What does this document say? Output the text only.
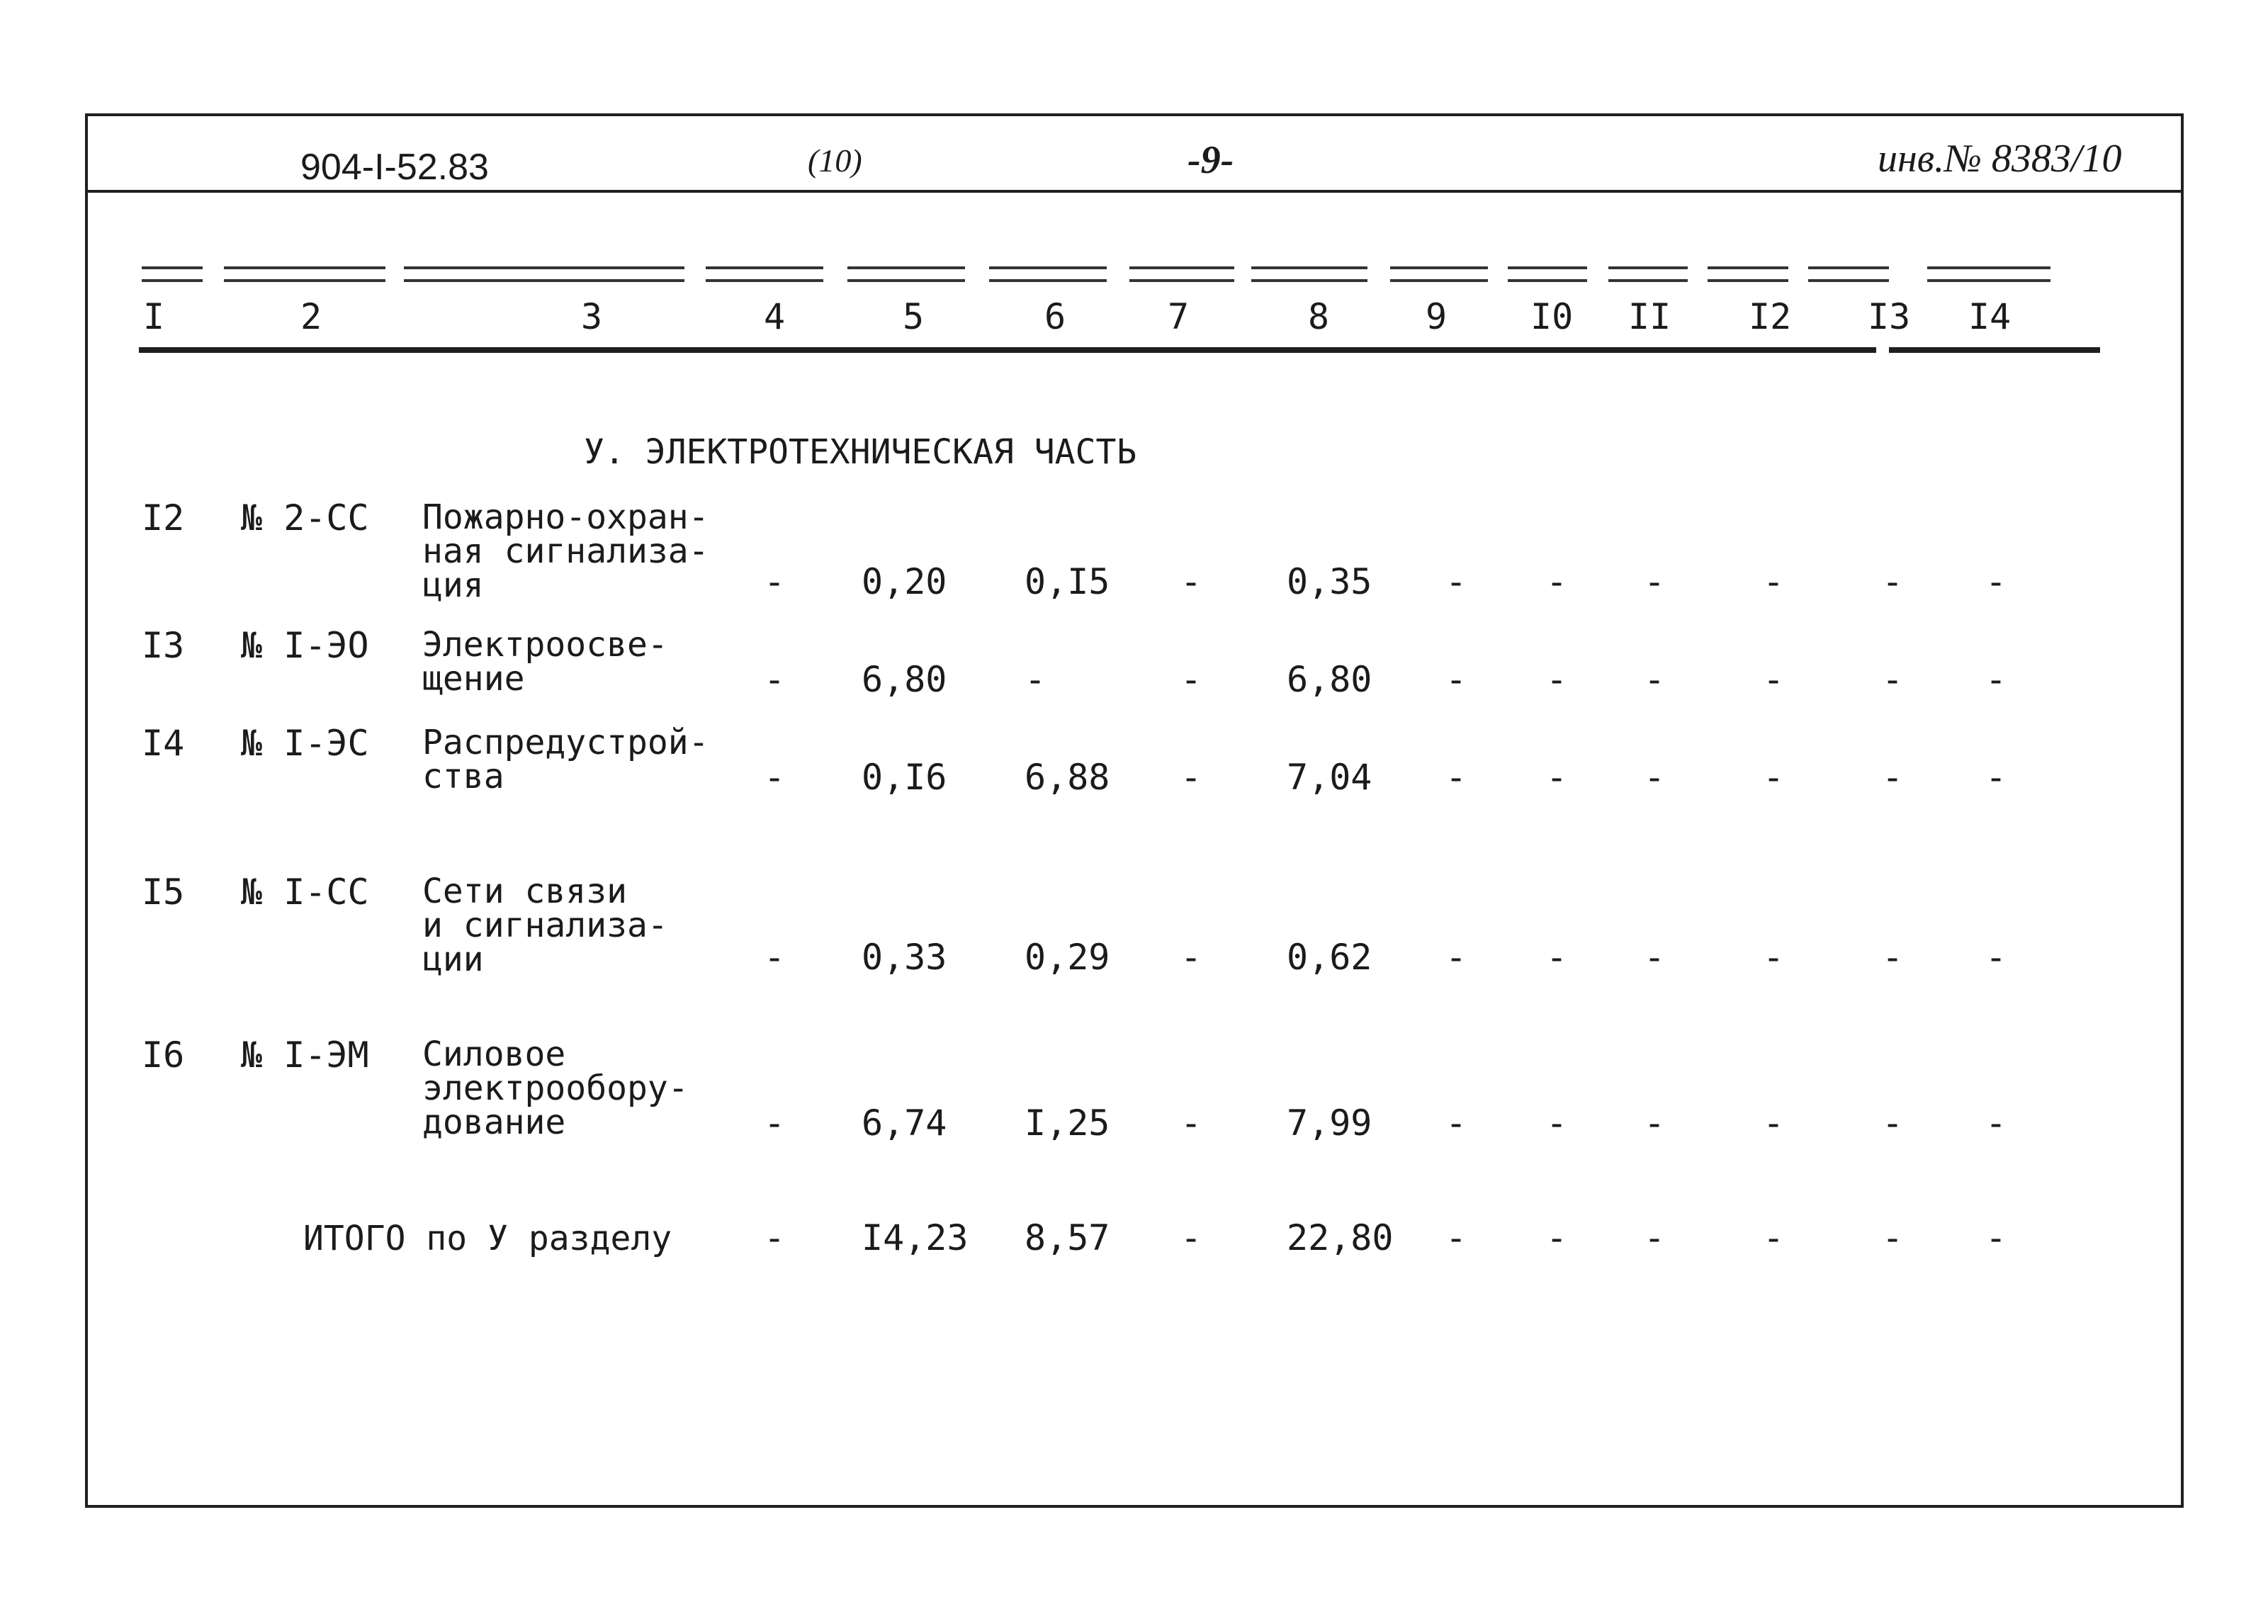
904-I-52.83	(10)	-9-	инв.№ 8383/10
I	2	3	4	5	6	7	8	9 I0 II I2 I3 I4
У. ЭЛЕКТРОТЕХНИЧЕСКАЯ ЧАСТЬ
I2 № 2-СС Пожарно-охран-
ная сигнализа-
ция	- 0,20 0,I5 - 0,35 - - -	-	- -
I3 № I-ЭО Электроосве-
щение	- 6,80 -	- 6,80 - - -	-	- -
I4 № I-ЭС Распредустрой-
ства	- 0,I6 6,88 - 7,04 - - -	-	- -
I5 № I-СС Сети связи
и сигнализа-
ции	- 0,33 0,29 - 0,62 - - -	-	- -
I6 № I-ЭМ Силовое
электрообору-
дование	- 6,74 I,25 - 7,99 - - -	-	- -
ИТОГО по У разделу	- I4,23 8,57 - 22,80 - - -	-	- -
